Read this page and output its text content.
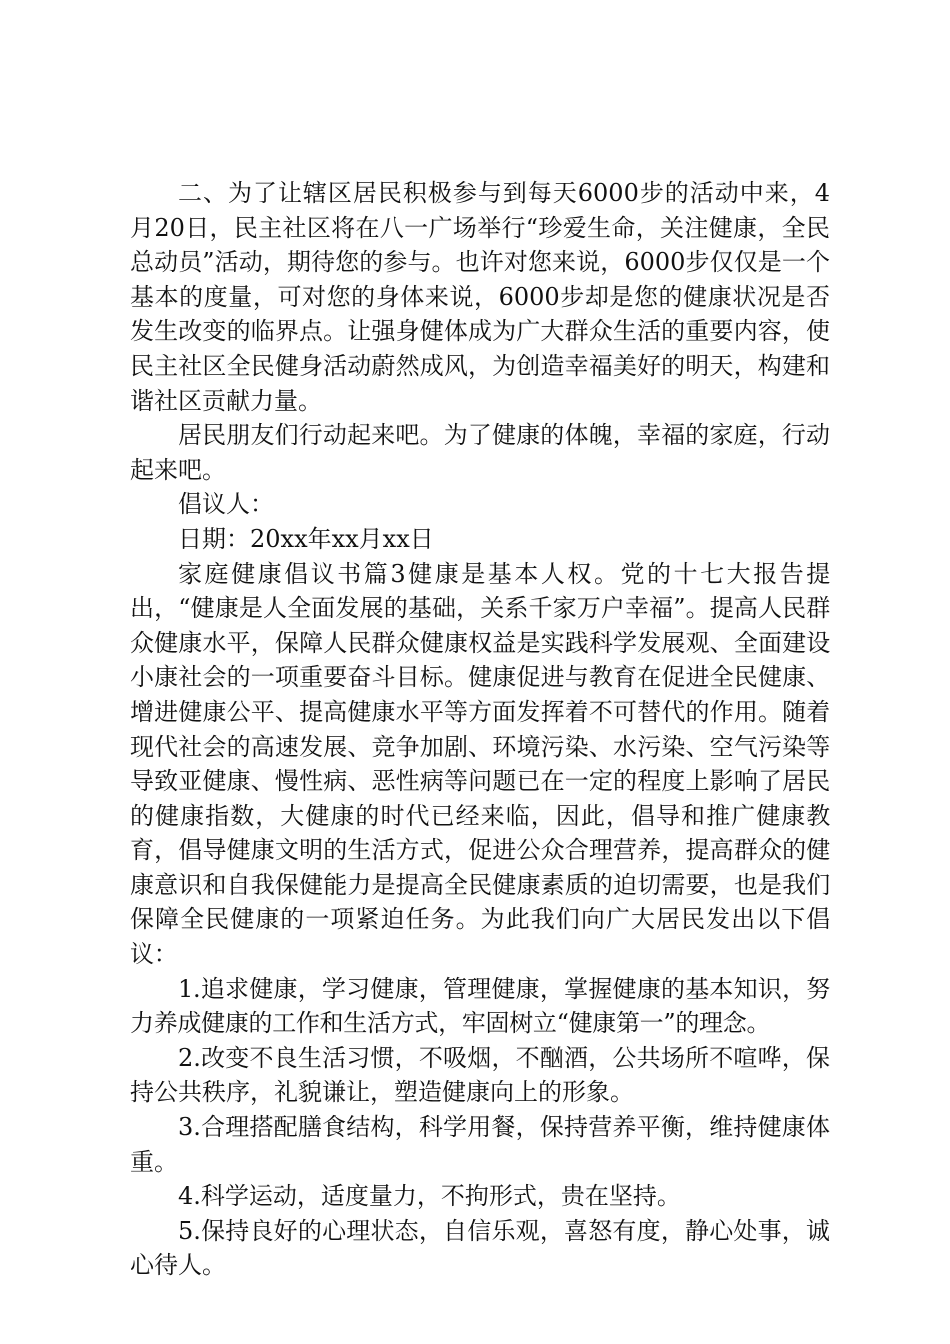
二、为了让辖区居民积极参与到每天6000步的活动中来，4月20日，民主社区将在八一广场举行“珍爱生命，关注健康，全民总动员”活动，期待您的参与。也许对您来说，6000步仅仅是一个基本的度量，可对您的身体来说，6000步却是您的健康状况是否发生改变的临界点。让强身健体成为广大群众生活的重要内容，使民主社区全民健身活动蔚然成风，为创造幸福美好的明天，构建和谐社区贡献力量。

居民朋友们行动起来吧。为了健康的体魄，幸福的家庭，行动起来吧。

倡议人：

日期：20xx年xx月xx日

家庭健康倡议书篇3健康是基本人权。党的十七大报告提出，“健康是人全面发展的基础，关系千家万户幸福”。提高人民群众健康水平，保障人民群众健康权益是实践科学发展观、全面建设小康社会的一项重要奋斗目标。健康促进与教育在促进全民健康、增进健康公平、提高健康水平等方面发挥着不可替代的作用。随着现代社会的高速发展、竞争加剧、环境污染、水污染、空气污染等导致亚健康、慢性病、恶性病等问题已在一定的程度上影响了居民的健康指数，大健康的时代已经来临，因此，倡导和推广健康教育，倡导健康文明的生活方式，促进公众合理营养，提高群众的健康意识和自我保健能力是提高全民健康素质的迫切需要，也是我们保障全民健康的一项紧迫任务。为此我们向广大居民发出以下倡议：

1.追求健康，学习健康，管理健康，掌握健康的基本知识，努力养成健康的工作和生活方式，牢固树立“健康第一”的理念。

2.改变不良生活习惯，不吸烟，不酗酒，公共场所不喧哗，保持公共秩序，礼貌谦让，塑造健康向上的形象。

3.合理搭配膳食结构，科学用餐，保持营养平衡，维持健康体重。

4.科学运动，适度量力，不拘形式，贵在坚持。

5.保持良好的心理状态，自信乐观，喜怒有度，静心处事，诚心待人。
